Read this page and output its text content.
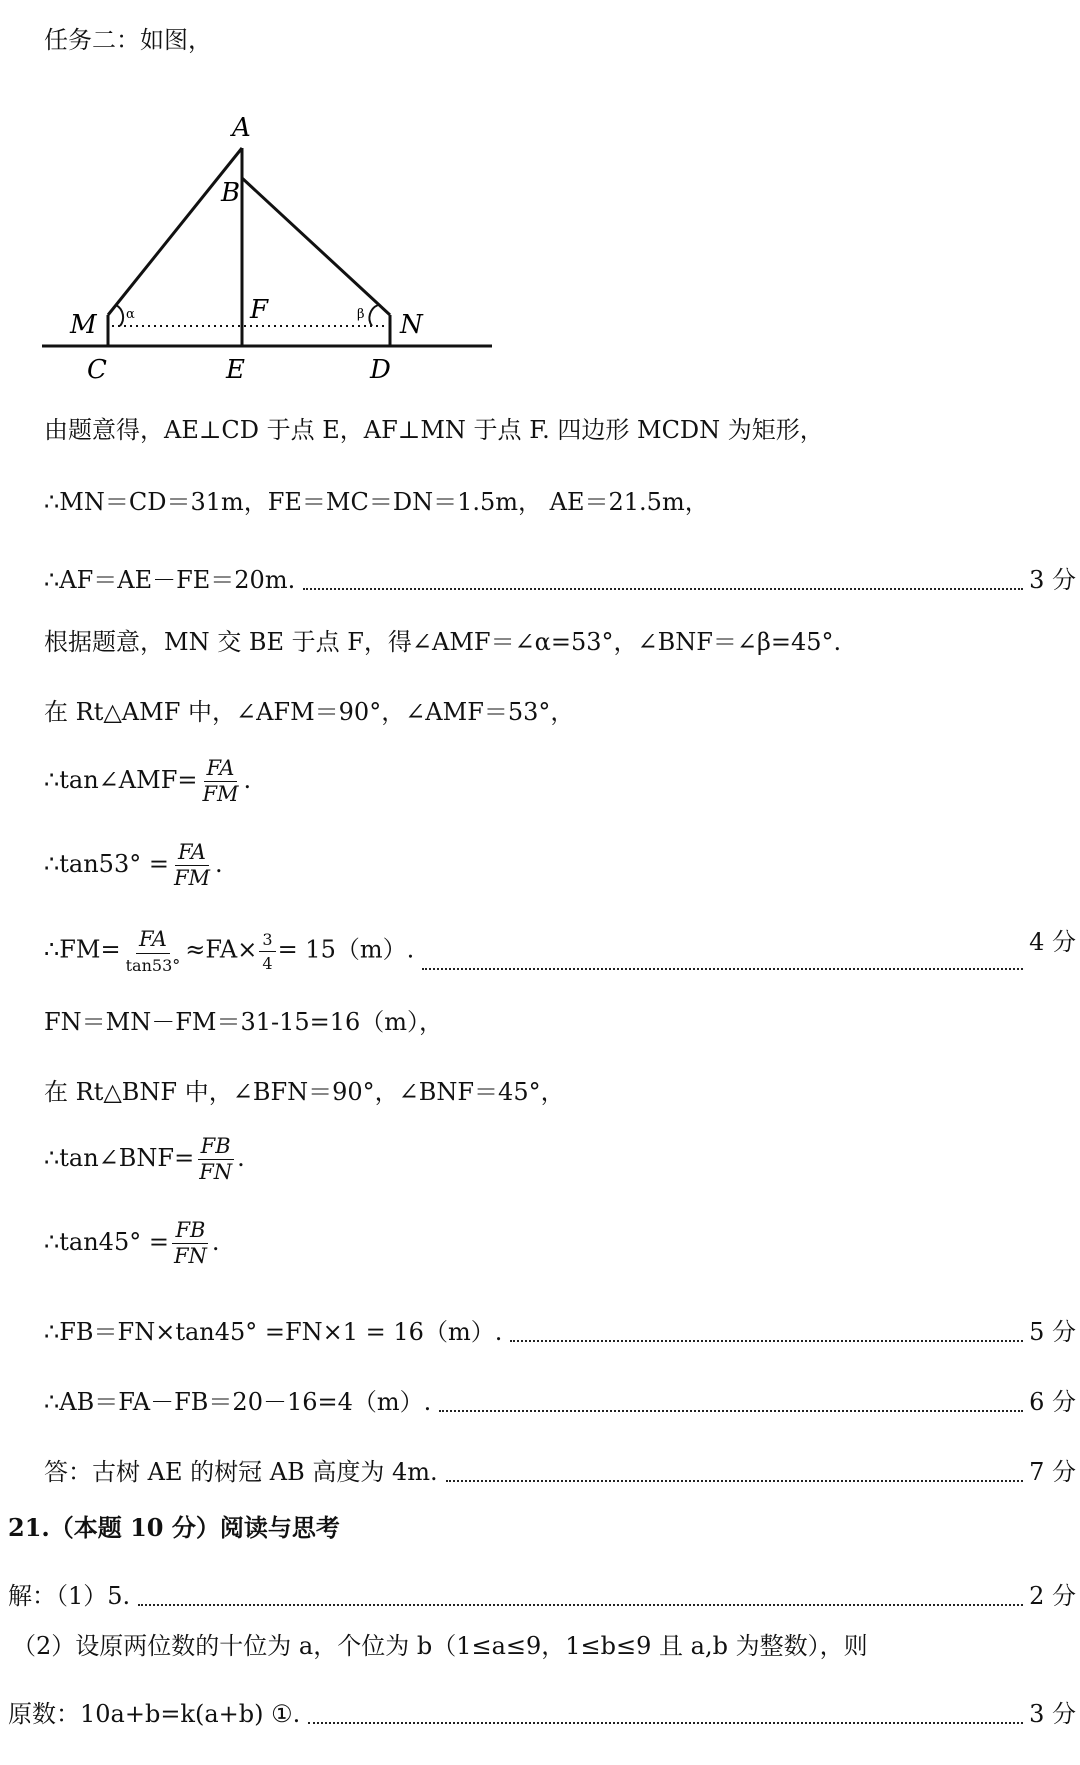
任务二：如图，
A
B
F
M	N
C	E	D
α	β
由题意得，AE⊥CD 于点 E，AF⊥MN 于点 F. 四边形 MCDN 为矩形，
∴MN＝CD＝31m，FE＝MC＝DN＝1.5m， AE＝21.5m，
∴AF＝AE－FE＝20m.	3 分
根据题意，MN 交 BE 于点 F，得∠AMF＝∠α=53°，∠BNF＝∠β=45°.
在 Rt△AMF 中，∠AFM＝90°，∠AMF＝53°，
∴tan∠AMF= $\frac{FA}{FM}$ .
∴tan53° = $\frac{FA}{FM}$ .
∴FM= $\frac{FA}{\tan 53^\circ} \approx FA\times \frac{3}{4} = 15(m)$.	4 分
FN＝MN－FM＝31-15=16（m），
在 Rt△BNF 中，∠BFN＝90°，∠BNF＝45°，
∴tan∠BNF= $\frac{FB}{FN}$ .
∴tan45° = $\frac{FB}{FN}$ .
∴FB＝FN×tan45° =FN×1 = 16（m）.	5 分
∴AB＝FA－FB＝20－16=4（m）.	6 分
答：古树 AE 的树冠 AB 高度为 4m.	7 分
21.（本题 10 分）阅读与思考
解：（1）5.	2 分
（2）设原两位数的十位为 a，个位为 b（1≤a≤9，1≤b≤9 且 a,b 为整数），则
原数：10a+b=k(a+b) ①.	3 分
